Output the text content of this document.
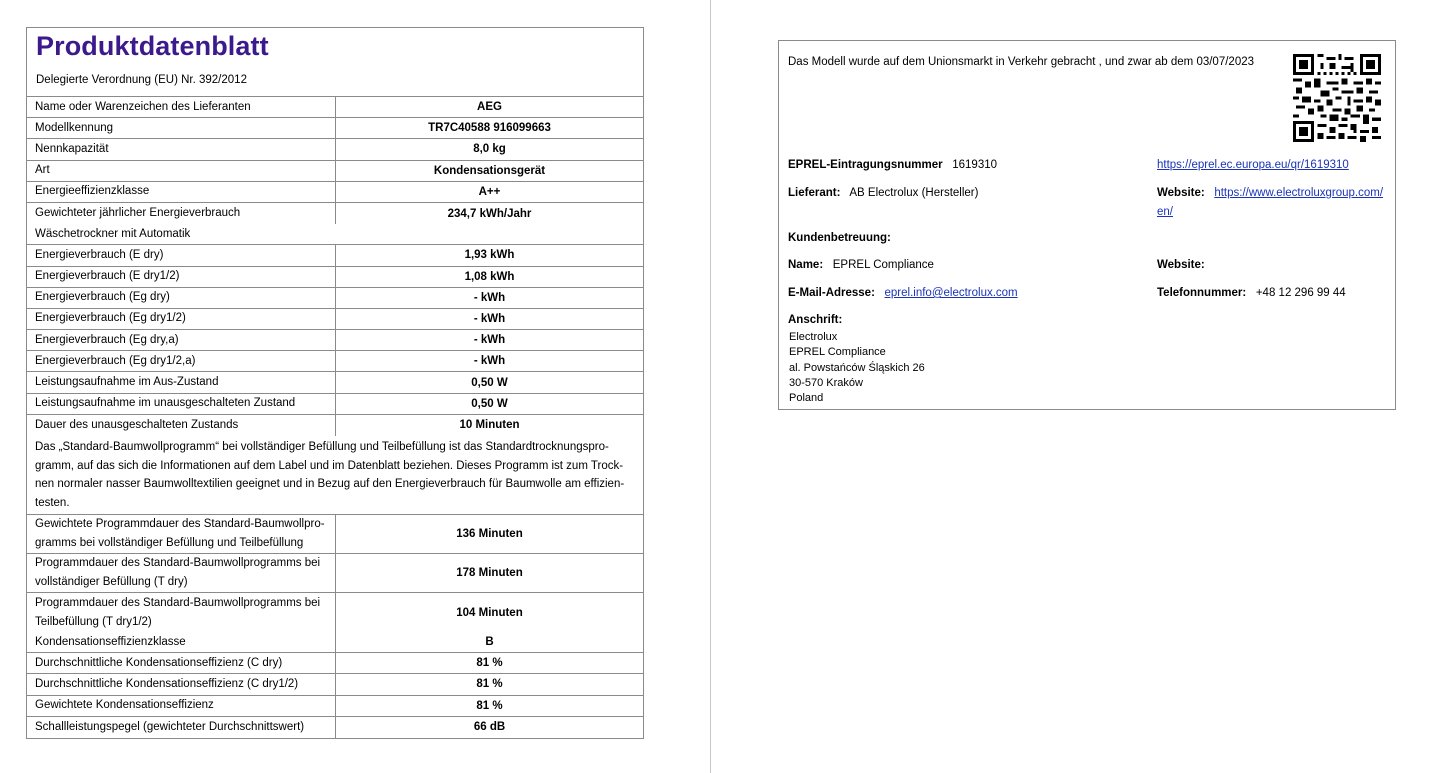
Produktdatenblatt
Delegierte Verordnung (EU) Nr. 392/2012
Name oder Warenzeichen des Lieferanten	AEG
Modellkennung	TR7C40588 916099663
Nennkapazität	8,0 kg
Art	Kondensationsgerät
Energieeffizienzklasse	A++
Gewichteter jährlicher Energieverbrauch	234,7 kWh/Jahr
Wäschetrockner mit Automatik
Energieverbrauch (E dry)	1,93 kWh
Energieverbrauch (E dry1/2)	1,08 kWh
Energieverbrauch (Eg dry)	- kWh
Energieverbrauch (Eg dry1/2)	- kWh
Energieverbrauch (Eg dry,a)	- kWh
Energieverbrauch (Eg dry1/2,a)	- kWh
Leistungsaufnahme im Aus-Zustand	0,50 W
Leistungsaufnahme im unausgeschalteten Zustand	0,50 W
Dauer des unausgeschalteten Zustands	10 Minuten
Das „Standard-Baumwollprogramm“ bei vollständiger Befüllung und Teilbefüllung ist das Standardtrocknungspro-
gramm, auf das sich die Informationen auf dem Label und im Datenblatt beziehen. Dieses Programm ist zum Trock-
nen normaler nasser Baumwolltextilien geeignet und in Bezug auf den Energieverbrauch für Baumwolle am effizien-
testen.
Gewichtete Programmdauer des Standard-Baumwollpro-
gramms bei vollständiger Befüllung und Teilbefüllung
136 Minuten
Programmdauer des Standard-Baumwollprogramms bei
vollständiger Befüllung (T dry)
178 Minuten
Programmdauer des Standard-Baumwollprogramms bei
Teilbefüllung (T dry1/2)
104 Minuten
Kondensationseffizienzklasse	B
Durchschnittliche Kondensationseffizienz (C dry)	81 %
Durchschnittliche Kondensationseffizienz (C dry1/2)	81 %
Gewichtete Kondensationseffizienz	81 %
Schallleistungspegel (gewichteter Durchschnittswert)	66 dB
Das Modell wurde auf dem Unionsmarkt in Verkehr gebracht , und zwar ab dem 03/07/2023
EPREL-Eintragungsnummer 1619310	https://eprel.ec.europa.eu/qr/1619310
Lieferant: AB Electrolux (Hersteller)	Website: https://www.electroluxgroup.com/
en/
Kundenbetreuung:
Name: EPREL Compliance	Website:
E-Mail-Adresse: eprel.info@electrolux.com	Telefonnummer: +48 12 296 99 44
Anschrift:
Electrolux
EPREL Compliance
al. Powstańców Śląskich 26
30-570 Kraków
Poland
